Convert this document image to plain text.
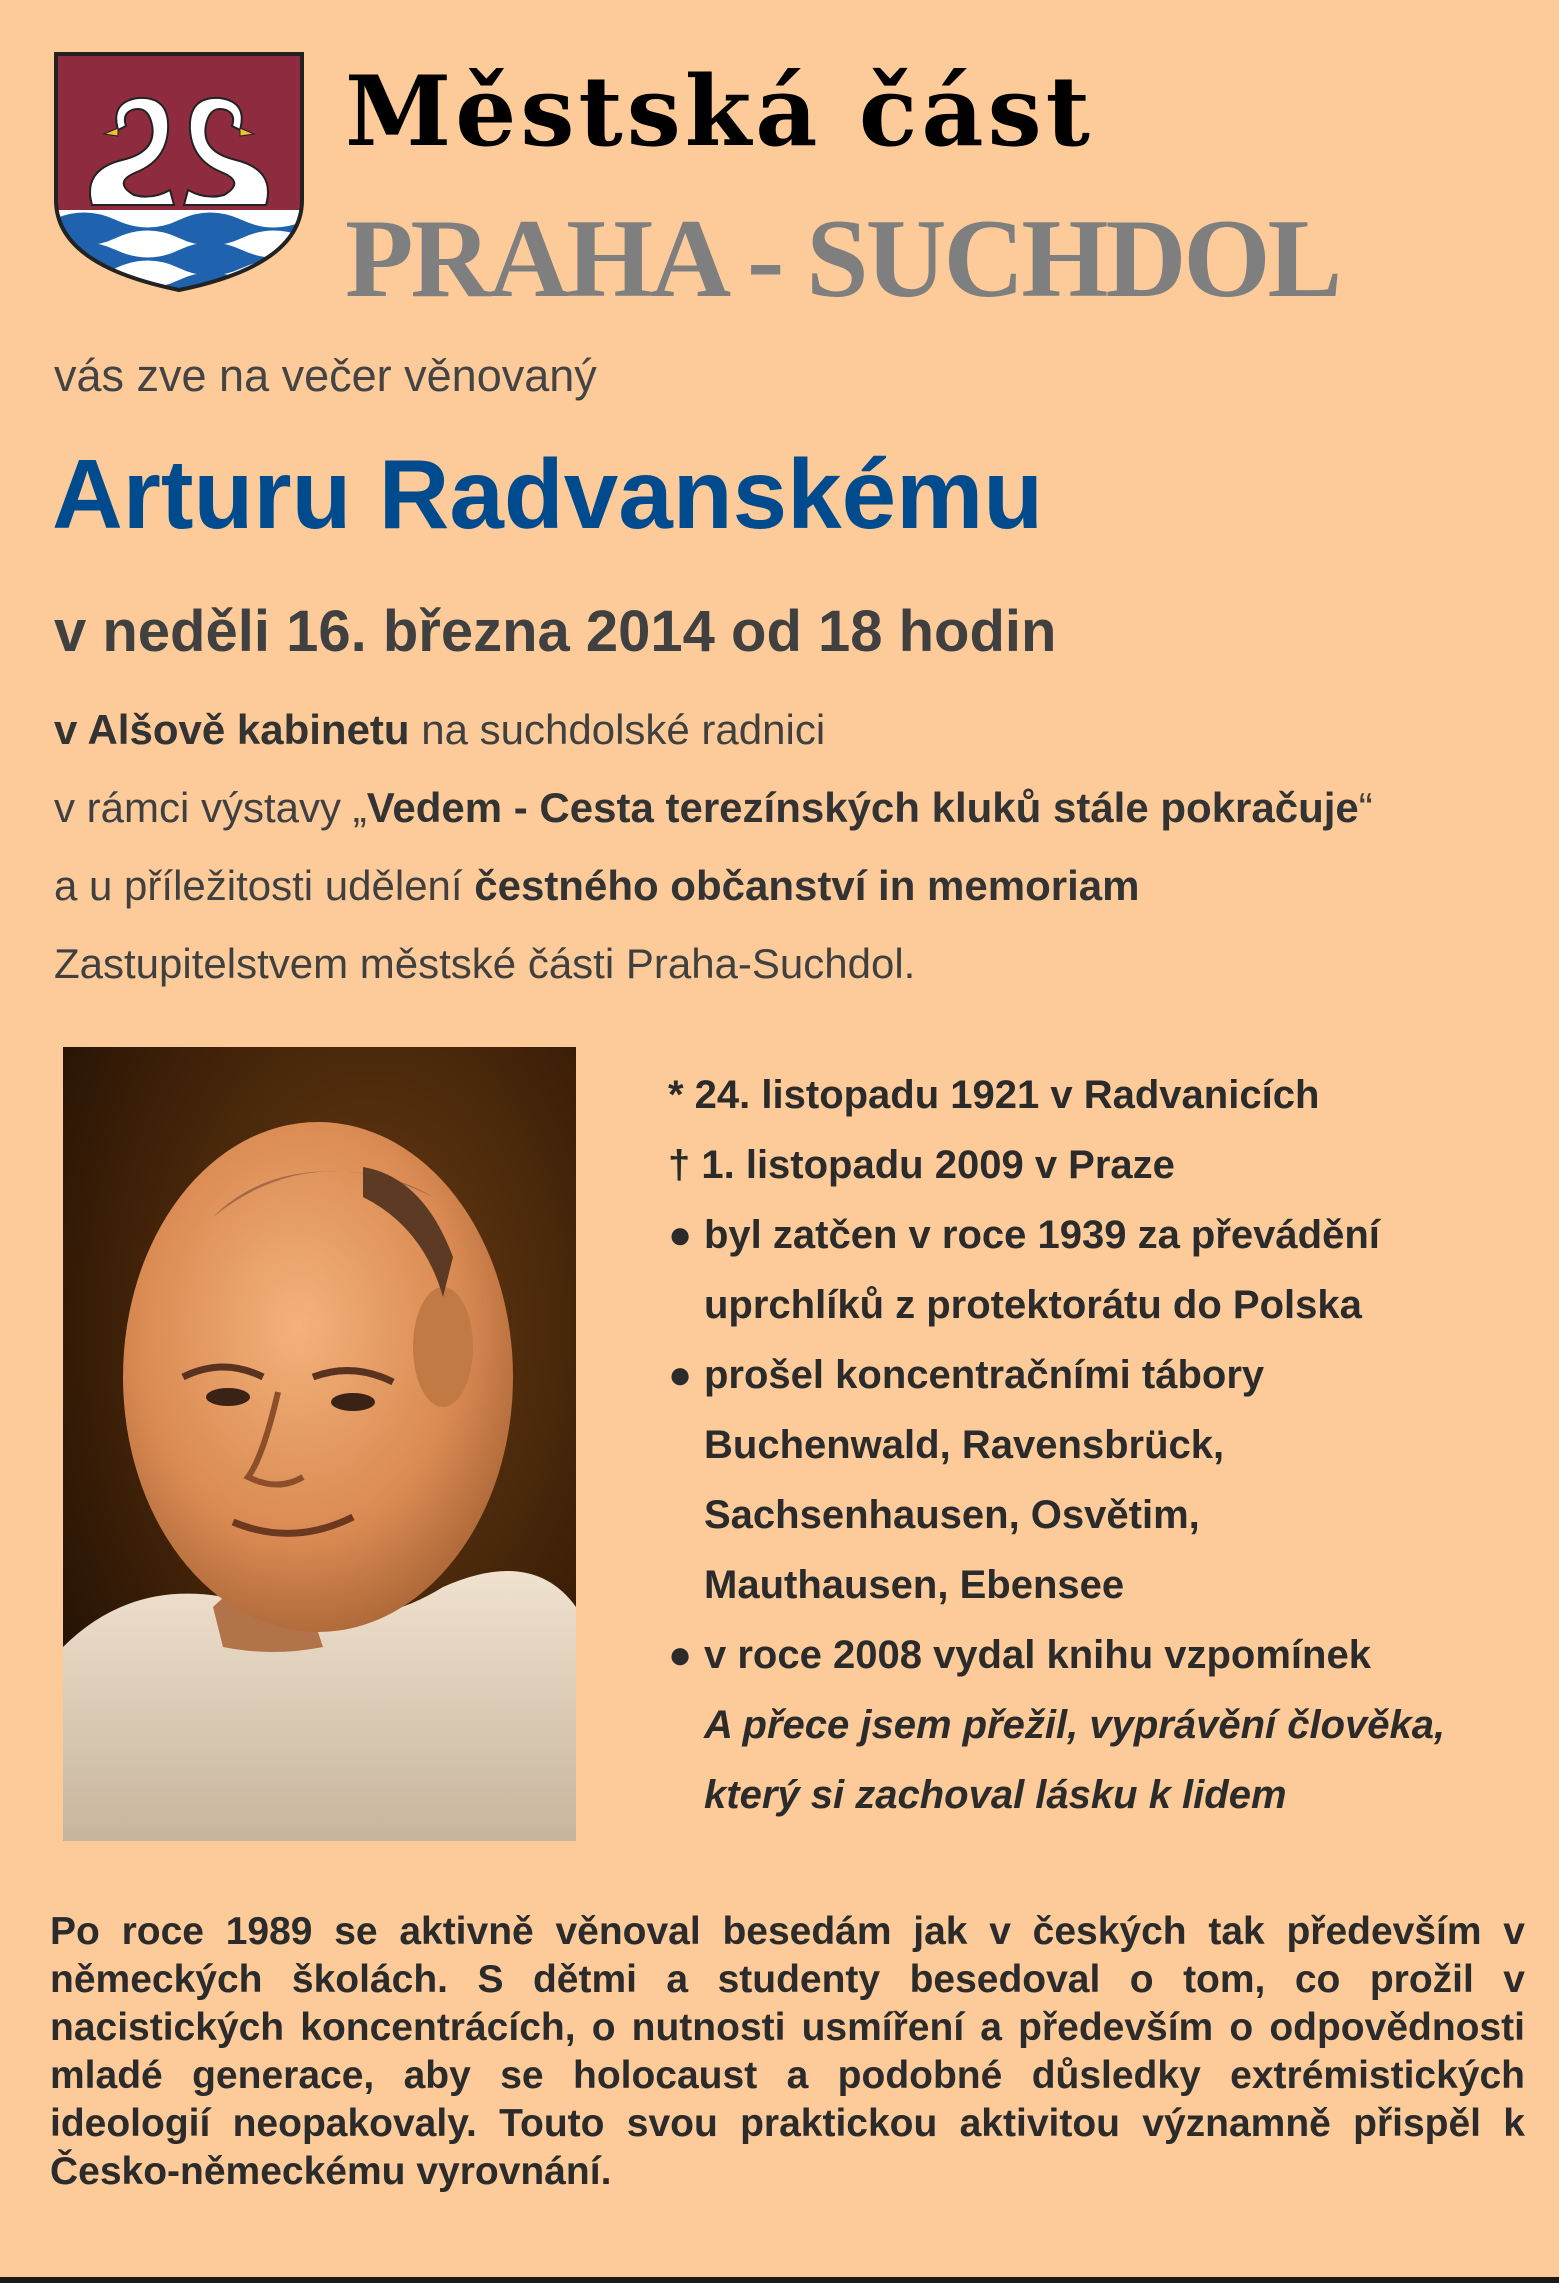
Městská část
PRAHA - SUCHDOL
vás zve na večer věnovaný
Arturu Radvanskému
v neděli 16. března 2014 od 18 hodin
v Alšově kabinetu na suchdolské radnici
v rámci výstavy „Vedem - Cesta terezínských kluků stále pokračuje“
a u příležitosti udělení čestného občanství in memoriam
Zastupitelstvem městské části Praha-Suchdol.
* 24. listopadu 1921 v Radvanicích
† 1. listopadu 2009 v Praze
● byl zatčen v roce 1939 za převádění
uprchlíků z protektorátu do Polska
● prošel koncentračními tábory
Buchenwald, Ravensbrück,
Sachsenhausen, Osvětim,
Mauthausen, Ebensee
● v roce 2008 vydal knihu vzpomínek
A přece jsem přežil, vyprávění člověka,
který si zachoval lásku k lidem
Po roce 1989 se aktivně věnoval besedám jak v českých tak především v německých školách. S dětmi a studenty besedoval o tom, co prožil v nacistických koncentrácích, o nutnosti usmíření a především o odpovědnosti mladé generace, aby se holocaust a podobné důsledky extrémistických ideologií neopakovaly. Touto svou praktickou aktivitou významně přispěl k Česko-německému vyrovnání.
